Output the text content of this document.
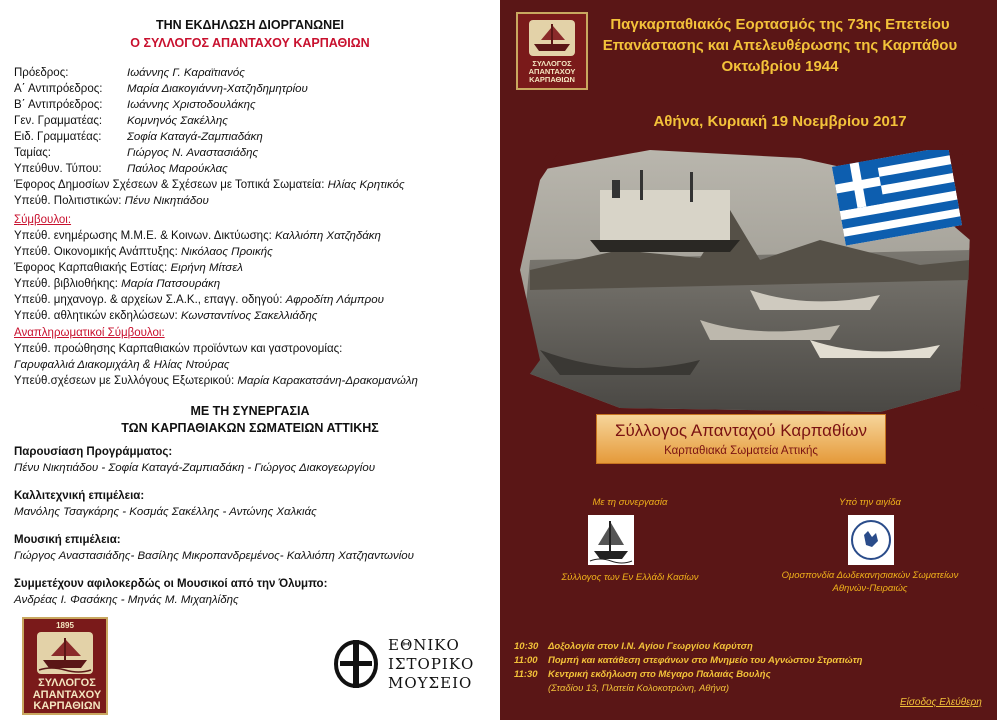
ΤΗΝ ΕΚΔΗΛΩΣΗ ΔΙΟΡΓΑΝΩΝΕΙ
Ο ΣΥΛΛΟΓΟΣ ΑΠΑΝΤΑΧΟΥ ΚΑΡΠΑΘΙΩΝ
Πρόεδρος:	Ιωάννης Γ. Καραϊτιανός
Α΄ Αντιπρόεδρος: Μαρία Διακογιάννη-Χατζηδημητρίου
Β΄ Αντιπρόεδρος: Ιωάννης Χριστοδουλάκης
Γεν. Γραμματέας: Κομνηνός Σακέλλης
Ειδ. Γραμματέας: Σοφία Καταγά-Ζαμπιαδάκη
Ταμίας:	Γιώργος Ν. Αναστασιάδης
Υπεύθυν. Τύπου: Παύλος Μαρούκλας
Έφορος Δημοσίων Σχέσεων & Σχέσεων με Τοπικά Σωματεία: Ηλίας Κρητικός
Υπεύθ. Πολιτιστικών: Πένυ Νικητιάδου
Σύμβουλοι:
Υπεύθ. ενημέρωσης Μ.Μ.Ε. & Κοινων. Δικτύωσης: Καλλιόπη Χατζηδάκη
Υπεύθ. Οικονομικής Ανάπτυξης: Νικόλαος Προικής
Έφορος Καρπαθιακής Εστίας: Ειρήνη Μίτσελ
Υπεύθ. βιβλιοθήκης: Μαρία Πατσουράκη
Υπεύθ. μηχανογρ. & αρχείων Σ.Α.Κ., επαγγ. οδηγού: Αφροδίτη Λάμπρου
Υπεύθ. αθλητικών εκδηλώσεων: Κωνσταντίνος Σακελλιάδης
Αναπληρωματικοί Σύμβουλοι:
Υπεύθ. προώθησης Καρπαθιακών προϊόντων και γαστρονομίας:
Γαρυφαλλιά Διακομιχάλη & Ηλίας Ντούρας
Υπεύθ.σχέσεων με Συλλόγους Εξωτερικού: Μαρία Καρακατσάνη-Δρακομανώλη
ΜΕ ΤΗ ΣΥΝΕΡΓΑΣΙΑ
ΤΩΝ ΚΑΡΠΑΘΙΑΚΩΝ ΣΩΜΑΤΕΙΩΝ ΑΤΤΙΚΗΣ
Παρουσίαση Προγράμματος:
Πένυ Νικητιάδου - Σοφία Καταγά-Ζαμπιαδάκη - Γιώργος Διακογεωργίου
Καλλιτεχνική επιμέλεια:
Μανόλης Τσαγκάρης - Κοσμάς Σακέλλης - Αντώνης Χαλκιάς
Μουσική επιμέλεια:
Γιώργος Αναστασιάδης- Βασίλης Μικροπανδρεμένος- Καλλιόπη Χατζηαντωνίου
Συμμετέχουν αφιλοκερδώς οι Μουσικοί από την Όλυμπο:
Ανδρέας Ι. Φασάκης - Μηνάς Μ. Μιχαηλίδης
1895
ΣΥΛΛΟΓΟΣ ΑΠΑΝΤΑΧΟΥ ΚΑΡΠΑΘΙΩΝ
ΕΘΝΙΚΟ
ΙΣΤΟΡΙΚΟ
ΜΟΥΣΕΙΟ
ΣΥΛΛΟΓΟΣ ΑΠΑΝΤΑΧΟΥ ΚΑΡΠΑΘΙΩΝ
Παγκαρπαθιακός Εορτασμός της 73ης Επετείου
Επανάστασης και Απελευθέρωσης της Καρπάθου
Οκτωβρίου 1944
Αθήνα, Κυριακή 19 Νοεμβρίου 2017
Σύλλογος Απανταχού Καρπαθίων
Καρπαθιακά Σωματεία Αττικής
Με τη συνεργασία
Σύλλογος των Εν Ελλάδι Κασίων
Υπό την αιγίδα
Ομοσπονδία Δωδεκανησιακών Σωματείων
Αθηνών-Πειραιώς
10:30 Δοξολογία στον Ι.Ν. Αγίου Γεωργίου Καρύτση
11:00 Πομπή και κατάθεση στεφάνων στο Μνημείο του Αγνώστου Στρατιώτη
11:30 Κεντρική εκδήλωση στο Μέγαρο Παλαιάς Βουλής
(Σταδίου 13, Πλατεία Κολοκοτρώνη, Αθήνα)
Είσοδος Ελεύθερη
